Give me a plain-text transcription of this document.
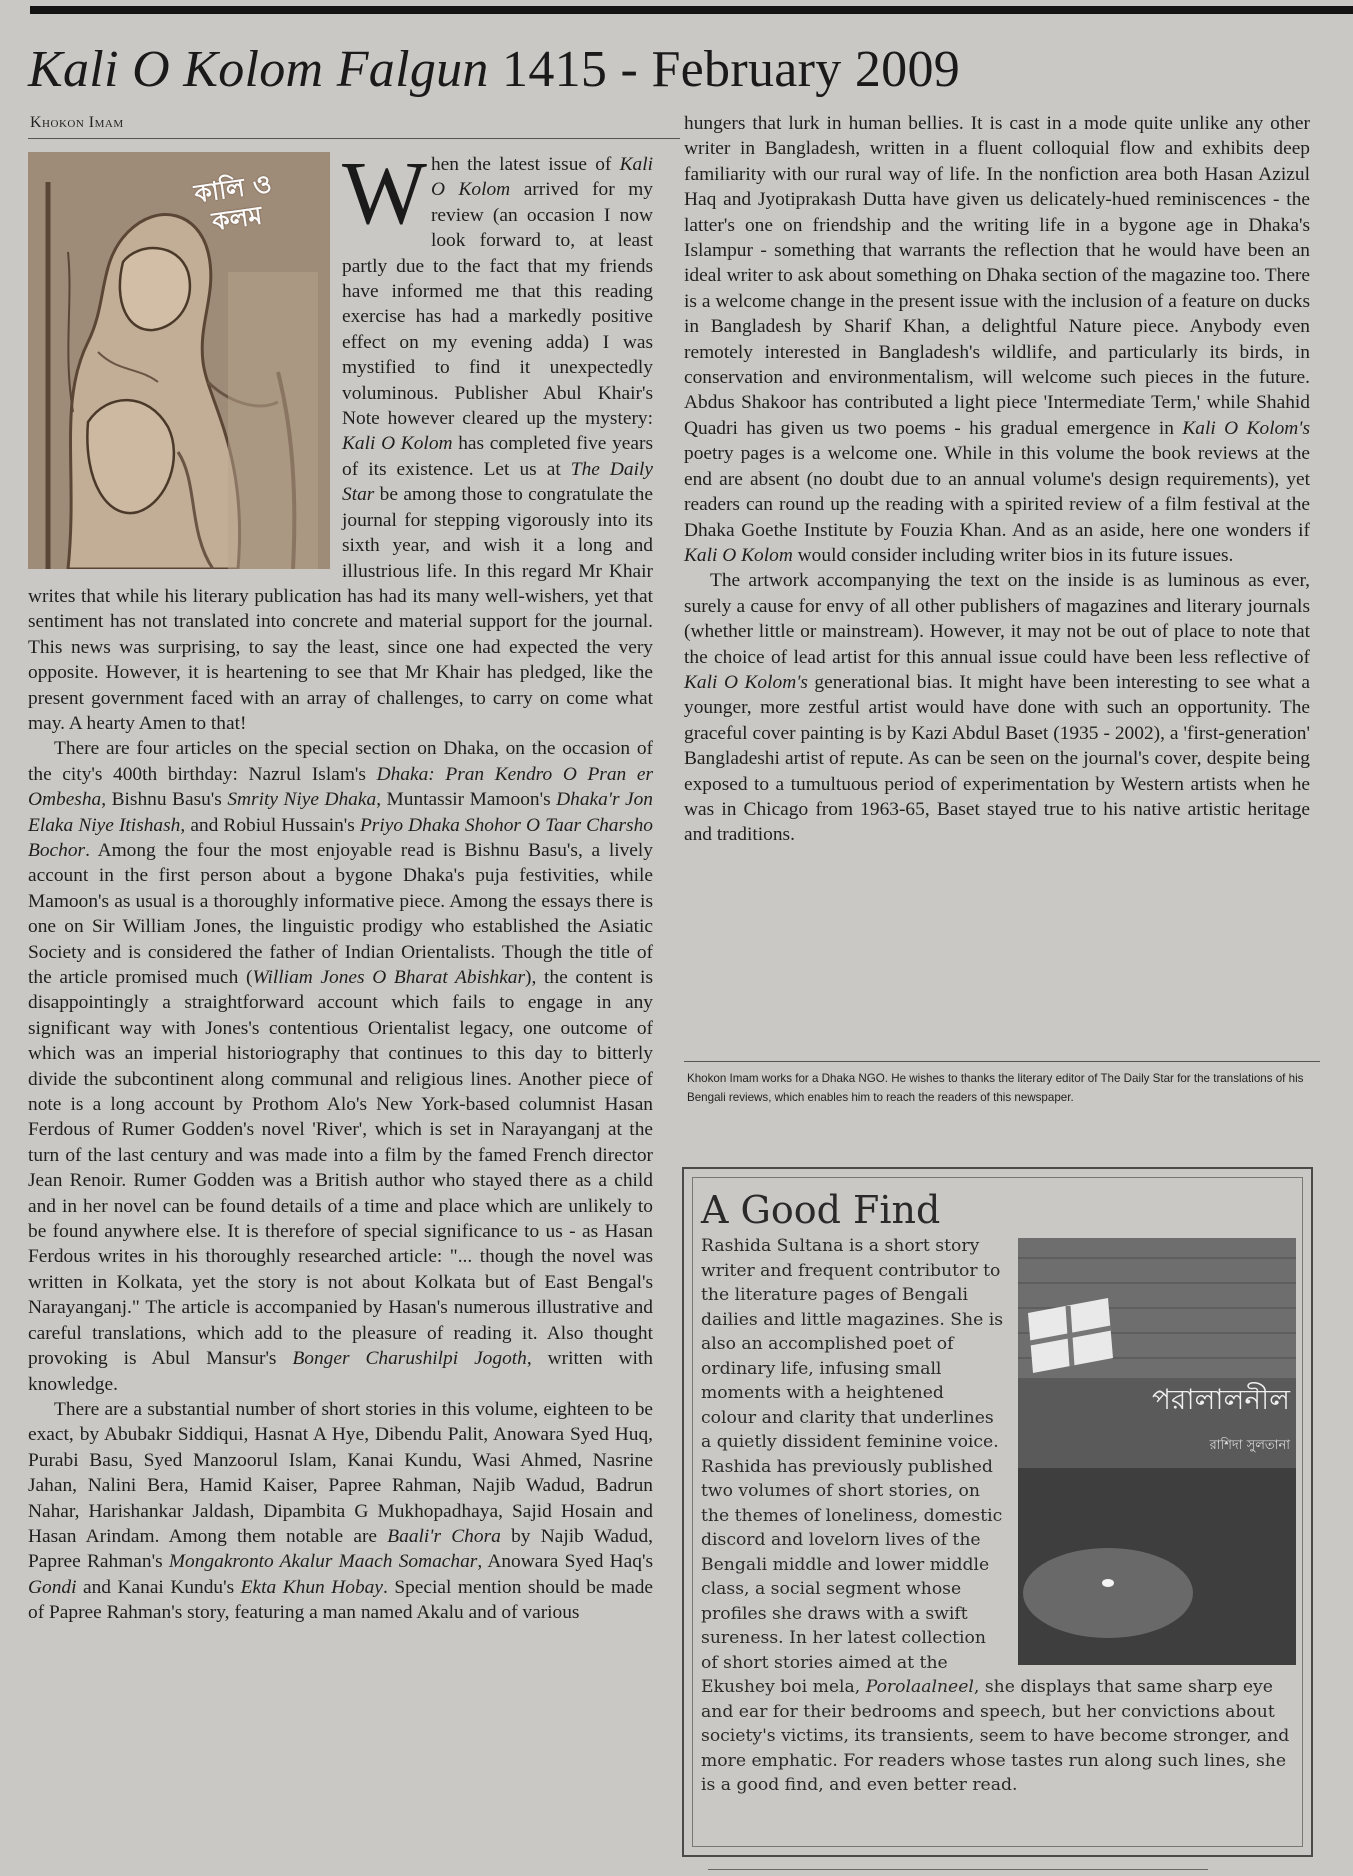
Kali O Kolom Falgun 1415 - February 2009
Khokon Imam
কালি ও
কলম When the latest issue of Kali O Kolom arrived for my review (an occasion I now look forward to, at least partly due to the fact that my friends have informed me that this reading exercise has had a markedly positive effect on my evening adda) I was mystified to find it unexpectedly voluminous. Publisher Abul Khair's Note however cleared up the mystery: Kali O Kolom has completed five years of its existence. Let us at The Daily Star be among those to congratulate the journal for stepping vigorously into its sixth year, and wish it a long and illustrious life. In this regard Mr Khair writes that while his literary publication has had its many well-wishers, yet that sentiment has not translated into concrete and material support for the journal. This news was surprising, to say the least, since one had expected the very opposite. However, it is heartening to see that Mr Khair has pledged, like the present government faced with an array of challenges, to carry on come what may. A hearty Amen to that!

There are four articles on the special section on Dhaka, on the occasion of the city's 400th birthday: Nazrul Islam's Dhaka: Pran Kendro O Pran er Ombesha, Bishnu Basu's Smrity Niye Dhaka, Muntassir Mamoon's Dhaka'r Jon Elaka Niye Itishash, and Robiul Hussain's Priyo Dhaka Shohor O Taar Charsho Bochor. Among the four the most enjoyable read is Bishnu Basu's, a lively account in the first person about a bygone Dhaka's puja festivities, while Mamoon's as usual is a thoroughly informative piece. Among the essays there is one on Sir William Jones, the linguistic prodigy who established the Asiatic Society and is considered the father of Indian Orientalists. Though the title of the article promised much (William Jones O Bharat Abishkar), the content is disappointingly a straightforward account which fails to engage in any significant way with Jones's contentious Orientalist legacy, one outcome of which was an imperial historiography that continues to this day to bitterly divide the subcontinent along communal and religious lines. Another piece of note is a long account by Prothom Alo's New York-based columnist Hasan Ferdous of Rumer Godden's novel 'River', which is set in Narayanganj at the turn of the last century and was made into a film by the famed French director Jean Renoir. Rumer Godden was a British author who stayed there as a child and in her novel can be found details of a time and place which are unlikely to be found anywhere else. It is therefore of special significance to us - as Hasan Ferdous writes in his thoroughly researched article: "... though the novel was written in Kolkata, yet the story is not about Kolkata but of East Bengal's Narayanganj." The article is accompanied by Hasan's numerous illustrative and careful translations, which add to the pleasure of reading it. Also thought provoking is Abul Mansur's Bonger Charushilpi Jogoth, written with knowledge.

There are a substantial number of short stories in this volume, eighteen to be exact, by Abubakr Siddiqui, Hasnat A Hye, Dibendu Palit, Anowara Syed Huq, Purabi Basu, Syed Manzoorul Islam, Kanai Kundu, Wasi Ahmed, Nasrine Jahan, Nalini Bera, Hamid Kaiser, Papree Rahman, Najib Wadud, Badrun Nahar, Harishankar Jaldash, Dipambita G Mukhopadhaya, Sajid Hosain and Hasan Arindam. Among them notable are Baali'r Chora by Najib Wadud, Papree Rahman's Mongakronto Akalur Maach Somachar, Anowara Syed Haq's Gondi and Kanai Kundu's Ekta Khun Hobay. Special mention should be made of Papree Rahman's story, featuring a man named Akalu and of various

hungers that lurk in human bellies. It is cast in a mode quite unlike any other writer in Bangladesh, written in a fluent colloquial flow and exhibits deep familiarity with our rural way of life. In the nonfiction area both Hasan Azizul Haq and Jyotiprakash Dutta have given us delicately-hued reminiscences - the latter's one on friendship and the writing life in a bygone age in Dhaka's Islampur - something that warrants the reflection that he would have been an ideal writer to ask about something on Dhaka section of the magazine too. There is a welcome change in the present issue with the inclusion of a feature on ducks in Bangladesh by Sharif Khan, a delightful Nature piece. Anybody even remotely interested in Bangladesh's wildlife, and particularly its birds, in conservation and environmentalism, will welcome such pieces in the future. Abdus Shakoor has contributed a light piece 'Intermediate Term,' while Shahid Quadri has given us two poems - his gradual emergence in Kali O Kolom's poetry pages is a welcome one. While in this volume the book reviews at the end are absent (no doubt due to an annual volume's design requirements), yet readers can round up the reading with a spirited review of a film festival at the Dhaka Goethe Institute by Fouzia Khan. And as an aside, here one wonders if Kali O Kolom would consider including writer bios in its future issues.

The artwork accompanying the text on the inside is as luminous as ever, surely a cause for envy of all other publishers of magazines and literary journals (whether little or mainstream). However, it may not be out of place to note that the choice of lead artist for this annual issue could have been less reflective of Kali O Kolom's generational bias. It might have been interesting to see what a younger, more zestful artist would have done with such an opportunity. The graceful cover painting is by Kazi Abdul Baset (1935 - 2002), a 'first-generation' Bangladeshi artist of repute. As can be seen on the journal's cover, despite being exposed to a tumultuous period of experimentation by Western artists when he was in Chicago from 1963-65, Baset stayed true to his native artistic heritage and traditions.

Khokon Imam works for a Dhaka NGO. He wishes to thanks the literary editor of The Daily Star for the translations of his Bengali reviews, which enables him to reach the readers of this newspaper.
A Good Find
পরালালনীল
রাশিদা সুলতানা
Rashida Sultana is a short story writer and frequent contributor to the literature pages of Bengali dailies and little magazines. She is also an accomplished poet of ordinary life, infusing small moments with a heightened colour and clarity that underlines a quietly dissident feminine voice. Rashida has previously published two volumes of short stories, on the themes of loneliness, domestic discord and lovelorn lives of the Bengali middle and lower middle class, a social segment whose profiles she draws with a swift sureness. In her latest collection of short stories aimed at the Ekushey boi mela, Porolaalneel, she displays that same sharp eye and ear for their bedrooms and speech, but her convictions about society's victims, its transients, seem to have become stronger, and more emphatic. For readers whose tastes run along such lines, she is a good find, and even better read.
